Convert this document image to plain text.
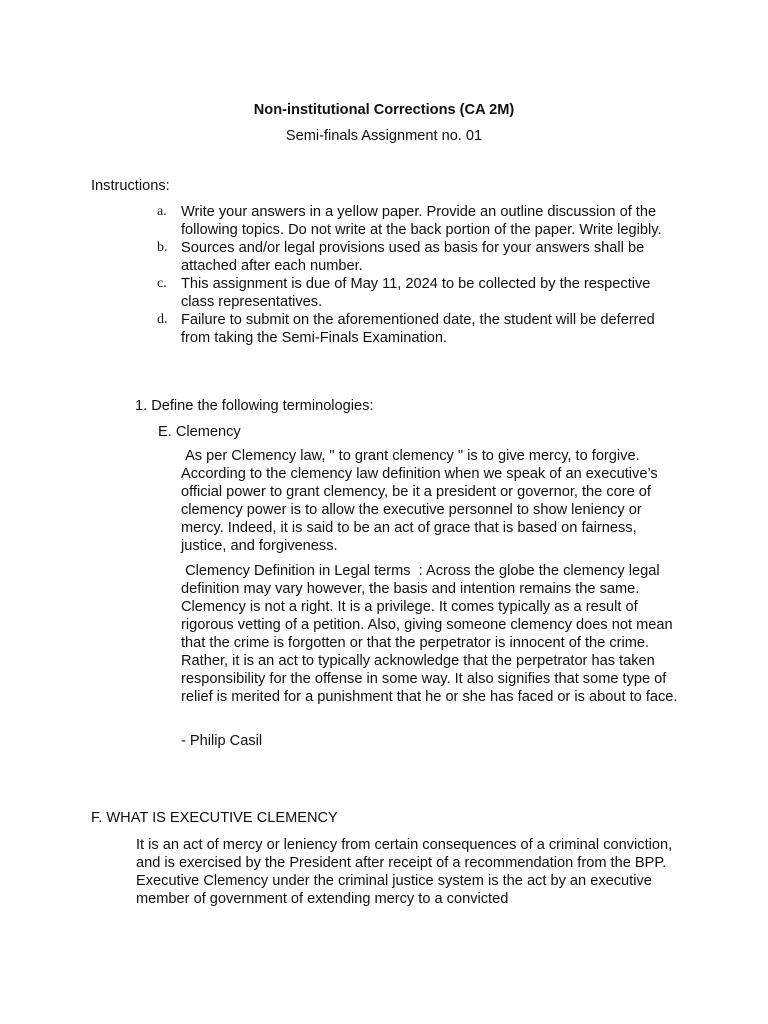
Non-institutional Corrections (CA 2M)
Semi-finals Assignment no. 01
Instructions:
a. Write your answers in a yellow paper. Provide an outline discussion of the following topics. Do not write at the back portion of the paper. Write legibly.
b. Sources and/or legal provisions used as basis for your answers shall be attached after each number.
c. This assignment is due of May 11, 2024 to be collected by the respective class representatives.
d. Failure to submit on the aforementioned date, the student will be deferred from taking the Semi-Finals Examination.
1. Define the following terminologies:
E. Clemency

As per Clemency law, " to grant clemency " is to give mercy, to forgive. According to the clemency law definition when we speak of an executive’s official power to grant clemency, be it a president or governor, the core of clemency power is to allow the executive personnel to show leniency or mercy. Indeed, it is said to be an act of grace that is based on fairness, justice, and forgiveness.

Clemency Definition in Legal terms  : Across the globe the clemency legal definition may vary however, the basis and intention remains the same. Clemency is not a right. It is a privilege. It comes typically as a result of rigorous vetting of a petition. Also, giving someone clemency does not mean that the crime is forgotten or that the perpetrator is innocent of the crime. Rather, it is an act to typically acknowledge that the perpetrator has taken responsibility for the offense in some way. It also signifies that some type of relief is merited for a punishment that he or she has faced or is about to face.

- Philip Casil

F. WHAT IS EXECUTIVE CLEMENCY

It is an act of mercy or leniency from certain consequences of a criminal conviction, and is exercised by the President after receipt of a recommendation from the BPP. Executive Clemency under the criminal justice system is the act by an executive member of government of extending mercy to a convicted
